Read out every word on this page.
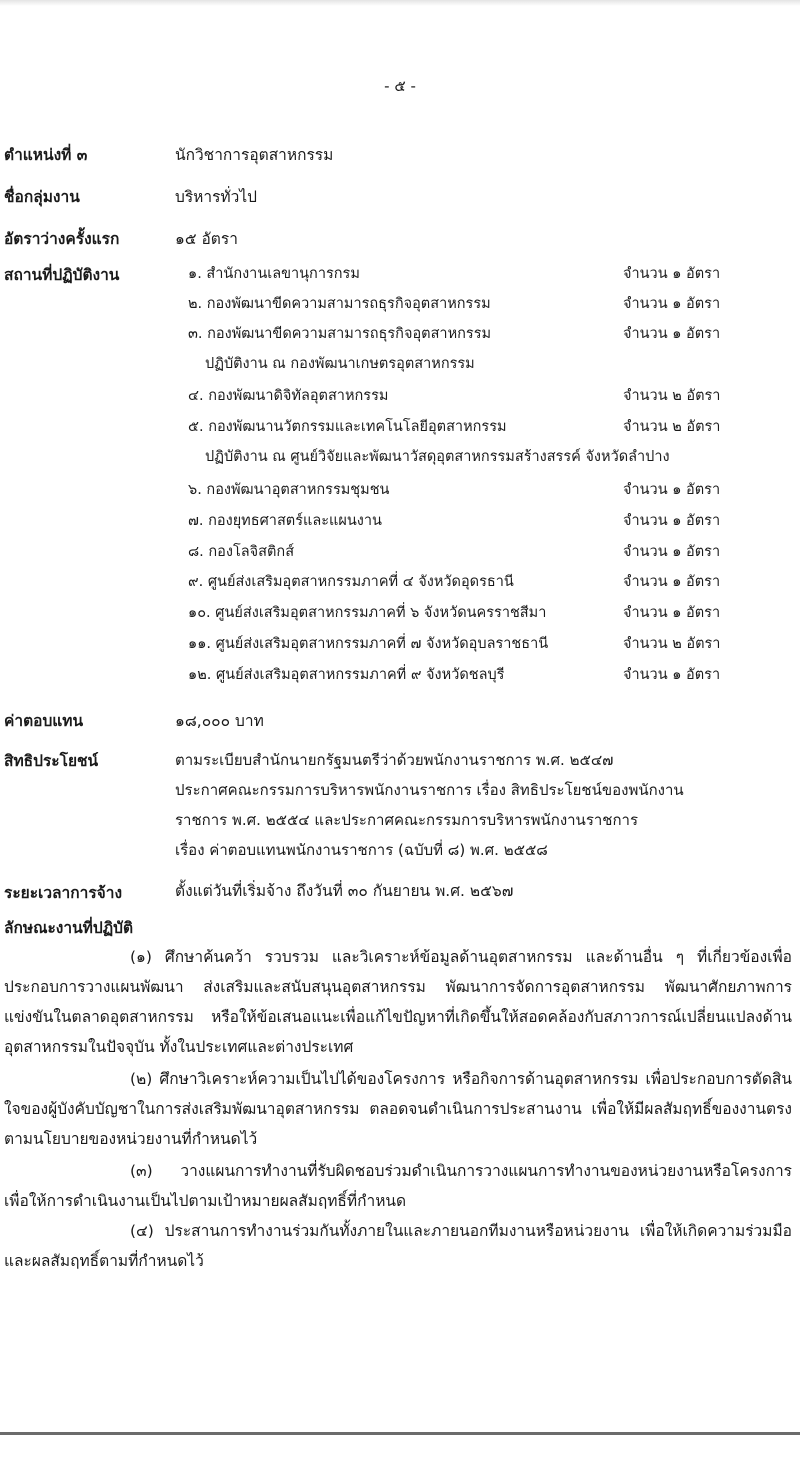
- ๕ -
ตำแหน่งที่ ๓	นักวิชาการอุตสาหกรรม
ชื่อกลุ่มงาน	บริหารทั่วไป
อัตราว่างครั้งแรก	๑๕ อัตรา
สถานที่ปฏิบัติงาน	๑. สำนักงานเลขานุการกรม	จำนวน ๑ อัตรา
๒. กองพัฒนาขีดความสามารถธุรกิจอุตสาหกรรม	จำนวน ๑ อัตรา
๓. กองพัฒนาขีดความสามารถธุรกิจอุตสาหกรรม	จำนวน ๑ อัตรา
ปฏิบัติงาน ณ กองพัฒนาเกษตรอุตสาหกรรม
๔. กองพัฒนาดิจิทัลอุตสาหกรรม	จำนวน ๒ อัตรา
๕. กองพัฒนานวัตกรรมและเทคโนโลยีอุตสาหกรรม	จำนวน ๒ อัตรา
ปฏิบัติงาน ณ ศูนย์วิจัยและพัฒนาวัสดุอุตสาหกรรมสร้างสรรค์ จังหวัดลำปาง
๖. กองพัฒนาอุตสาหกรรมชุมชน	จำนวน ๑ อัตรา
๗. กองยุทธศาสตร์และแผนงาน	จำนวน ๑ อัตรา
๘. กองโลจิสติกส์	จำนวน ๑ อัตรา
๙. ศูนย์ส่งเสริมอุตสาหกรรมภาคที่ ๔ จังหวัดอุดรธานี	จำนวน ๑ อัตรา
๑๐. ศูนย์ส่งเสริมอุตสาหกรรมภาคที่ ๖ จังหวัดนครราชสีมา	จำนวน ๑ อัตรา
๑๑. ศูนย์ส่งเสริมอุตสาหกรรมภาคที่ ๗ จังหวัดอุบลราชธานี	จำนวน ๒ อัตรา
๑๒. ศูนย์ส่งเสริมอุตสาหกรรมภาคที่ ๙ จังหวัดชลบุรี	จำนวน ๑ อัตรา
ค่าตอบแทน	๑๘,๐๐๐ บาท
สิทธิประโยชน์	ตามระเบียบสำนักนายกรัฐมนตรีว่าด้วยพนักงานราชการ พ.ศ. ๒๕๔๗
ประกาศคณะกรรมการบริหารพนักงานราชการ เรื่อง สิทธิประโยชน์ของพนักงาน
ราชการ พ.ศ. ๒๕๕๔ และประกาศคณะกรรมการบริหารพนักงานราชการ
เรื่อง ค่าตอบแทนพนักงานราชการ (ฉบับที่ ๘) พ.ศ. ๒๕๕๘
ระยะเวลาการจ้าง	ตั้งแต่วันที่เริ่มจ้าง ถึงวันที่ ๓๐ กันยายน พ.ศ. ๒๕๖๗
ลักษณะงานที่ปฏิบัติ

(๑) ศึกษาค้นคว้า รวบรวม และวิเคราะห์ข้อมูลด้านอุตสาหกรรม และด้านอื่น ๆ ที่เกี่ยวข้องเพื่อประกอบการวางแผนพัฒนา ส่งเสริมและสนับสนุนอุตสาหกรรม พัฒนาการจัดการอุตสาหกรรม พัฒนาศักยภาพการแข่งขันในตลาดอุตสาหกรรม หรือให้ข้อเสนอแนะเพื่อแก้ไขปัญหาที่เกิดขึ้นให้สอดคล้องกับสภาวการณ์เปลี่ยนแปลงด้านอุตสาหกรรมในปัจจุบัน ทั้งในประเทศและต่างประเทศ

(๒) ศึกษาวิเคราะห์ความเป็นไปได้ของโครงการ หรือกิจการด้านอุตสาหกรรม เพื่อประกอบการตัดสินใจของผู้บังคับบัญชาในการส่งเสริมพัฒนาอุตสาหกรรม ตลอดจนดำเนินการประสานงาน เพื่อให้มีผลสัมฤทธิ์ของงานตรงตามนโยบายของหน่วยงานที่กำหนดไว้

(๓) วางแผนการทำงานที่รับผิดชอบร่วมดำเนินการวางแผนการทำงานของหน่วยงานหรือโครงการ เพื่อให้การดำเนินงานเป็นไปตามเป้าหมายผลสัมฤทธิ์ที่กำหนด

(๔) ประสานการทำงานร่วมกันทั้งภายในและภายนอกทีมงานหรือหน่วยงาน เพื่อให้เกิดความร่วมมือและผลสัมฤทธิ์ตามที่กำหนดไว้
